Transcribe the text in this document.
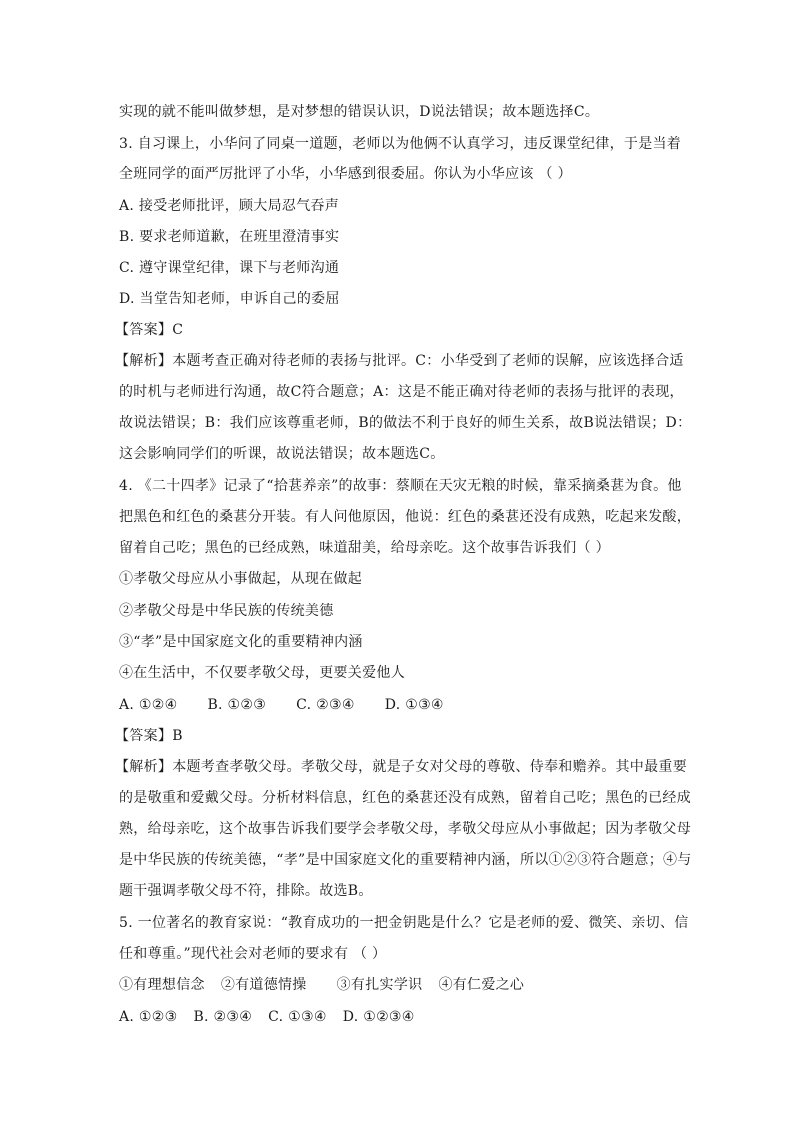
实现的就不能叫做梦想，是对梦想的错误认识，D说法错误；故本题选择C。
3. 自习课上，小华问了同桌一道题，老师以为他俩不认真学习，违反课堂纪律，于是当着
全班同学的面严厉批评了小华，小华感到很委屈。你认为小华应该 （ ）
A. 接受老师批评，顾大局忍气吞声
B. 要求老师道歉，在班里澄清事实
C. 遵守课堂纪律，课下与老师沟通
D. 当堂告知老师，申诉自己的委屈
【答案】C
【解析】本题考查正确对待老师的表扬与批评。C：小华受到了老师的误解，应该选择合适
的时机与老师进行沟通，故C符合题意；A：这是不能正确对待老师的表扬与批评的表现，
故说法错误；B：我们应该尊重老师，B的做法不利于良好的师生关系，故B说法错误；D：
这会影响同学们的听课，故说法错误；故本题选C。
4. 《二十四孝》记录了“拾葚养亲”的故事：蔡顺在天灾无粮的时候，靠采摘桑葚为食。他
把黑色和红色的桑葚分开装。有人问他原因，他说：红色的桑葚还没有成熟，吃起来发酸，
留着自己吃；黑色的已经成熟，味道甜美，给母亲吃。这个故事告诉我们（ ）
①孝敬父母应从小事做起，从现在做起
②孝敬父母是中华民族的传统美德
③“孝”是中国家庭文化的重要精神内涵
④在生活中，不仅要孝敬父母，更要关爱他人
A. ①②④ B. ①②③ C. ②③④ D. ①③④
【答案】B
【解析】本题考查孝敬父母。孝敬父母，就是子女对父母的尊敬、侍奉和赡养。其中最重要
的是敬重和爱戴父母。分析材料信息，红色的桑葚还没有成熟，留着自己吃；黑色的已经成
熟，给母亲吃，这个故事告诉我们要学会孝敬父母，孝敬父母应从小事做起；因为孝敬父母
是中华民族的传统美德，“孝”是中国家庭文化的重要精神内涵，所以①②③符合题意；④与
题干强调孝敬父母不符，排除。故选B。
5. 一位著名的教育家说：“教育成功的一把金钥匙是什么？它是老师的爱、微笑、亲切、信
任和尊重。”现代社会对老师的要求有 （ ）
①有理想信念 ②有道德情操 ③有扎实学识 ④有仁爱之心
A. ①②③ B. ②③④ C. ①③④ D. ①②③④
